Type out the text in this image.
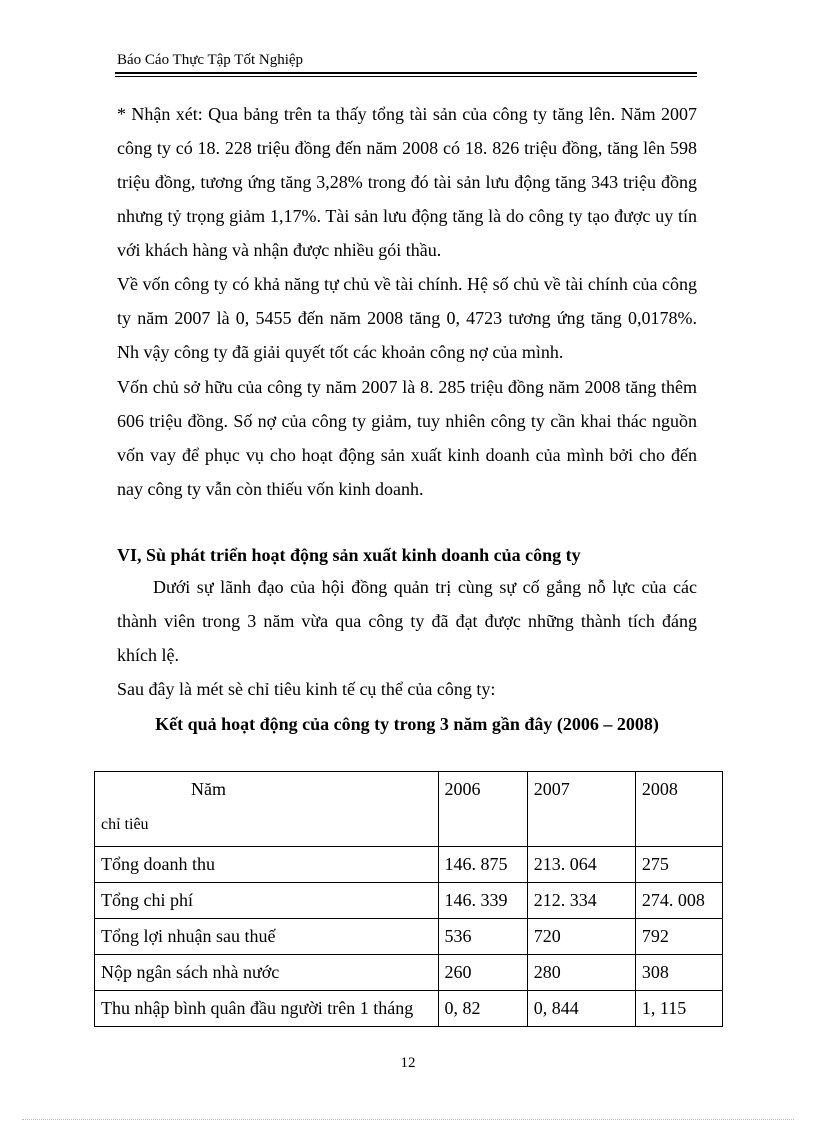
Báo Cáo Thực Tập Tốt Nghiệp

* Nhận xét: Qua bảng trên ta thấy tổng tài sản của công ty tăng lên. Năm 2007 công ty có 18. 228 triệu đồng đến năm 2008 có 18. 826 triệu đồng, tăng lên 598 triệu đồng, tương ứng tăng 3,28% trong đó tài sản lưu động tăng 343 triệu đồng nhưng tỷ trọng giảm 1,17%. Tài sản lưu động tăng là do công ty tạo được uy tín với khách hàng và nhận được nhiều gói thầu.

Về vốn công ty có khả năng tự chủ về tài chính. Hệ số chủ về tài chính của công ty năm 2007 là 0, 5455 đến năm 2008 tăng 0, 4723 tương ứng tăng 0,0178%. Nh vậy công ty đã giải quyết tốt các khoản công nợ của mình.

Vốn chủ sở hữu của công ty năm 2007 là 8. 285 triệu đồng năm 2008 tăng thêm 606 triệu đồng. Số nợ của công ty giảm, tuy nhiên công ty cần khai thác nguồn vốn vay để phục vụ cho hoạt động sản xuất kinh doanh của mình bởi cho đến nay công ty vẫn còn thiếu vốn kinh doanh.

VI, Sù phát triển hoạt động sản xuất kinh doanh của công ty

Dưới sự lãnh đạo của hội đồng quản trị cùng sự cố gắng nỗ lực của các thành viên trong 3 năm vừa qua công ty đã đạt được những thành tích đáng khích lệ.

Sau đây là mét sè chỉ tiêu kinh tế cụ thể của công ty:

Kết quả hoạt động của công ty trong 3 năm gần đây (2006 – 2008)
Năm
chỉ tiêu	2006	2007	2008
Tổng doanh thu	146. 875	213. 064	275
Tổng chi phí	146. 339	212. 334	274. 008
Tổng lợi nhuận sau thuế	536	720	792
Nộp ngân sách nhà nước	260	280	308
Thu nhập bình quân đầu người trên 1 tháng	0, 82	0, 844	1, 115
12
